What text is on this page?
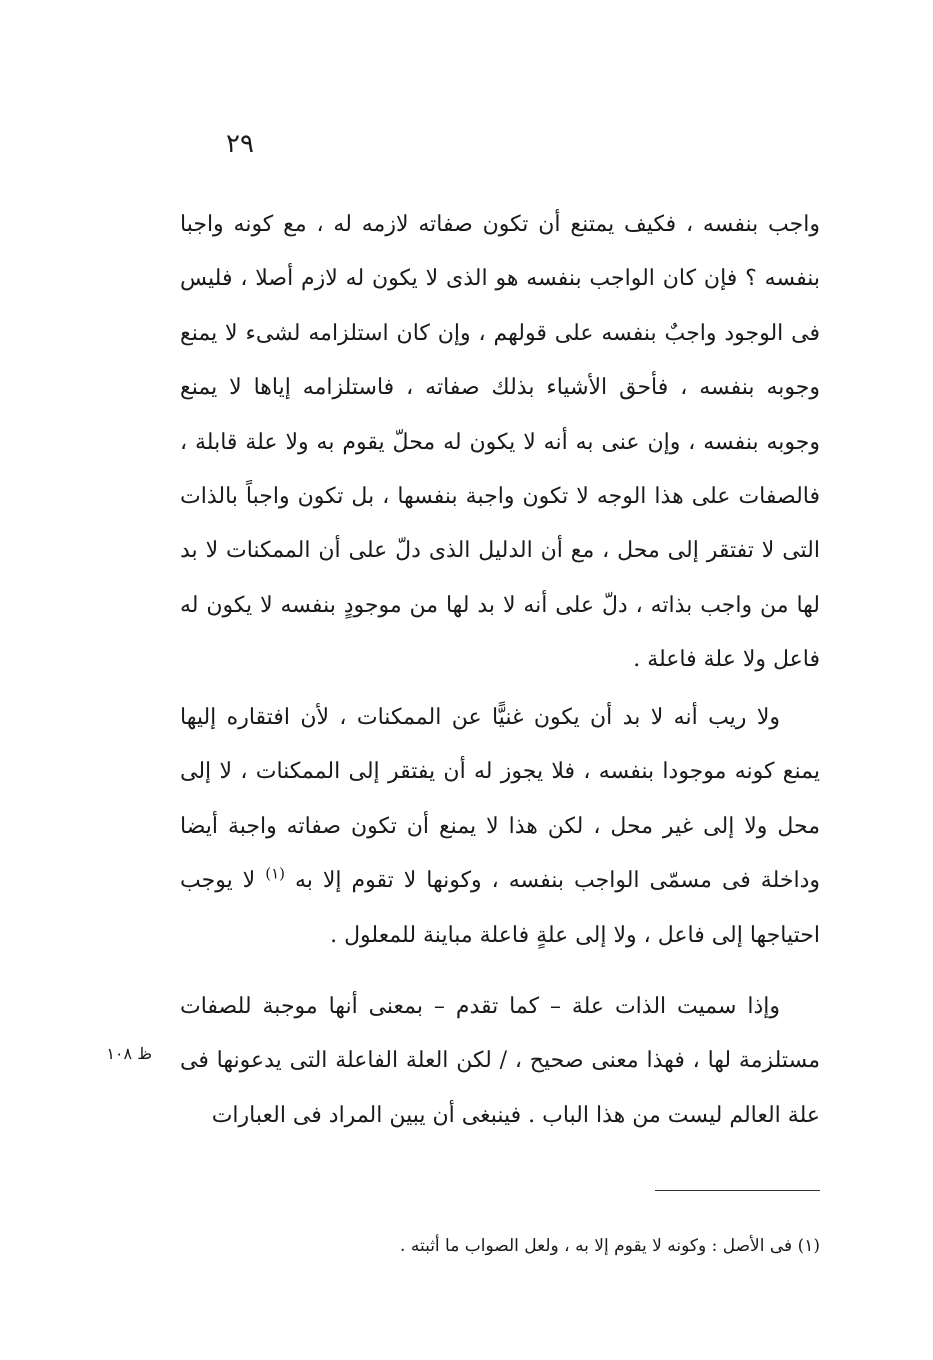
٢٩
واجب بنفسه ، فكيف يمتنع أن تكون صفاته لازمه له ، مع كونه واجبا بنفسه ؟ فإن كان الواجب بنفسه هو الذى لا يكون له لازم أصلا ، فليس فى الوجود واجبٌ بنفسه على قولهم ، وإن كان استلزامه لشىء لا يمنع وجوبه بنفسه ، فأحق الأشياء بذلك صفاته ، فاستلزامه إياها لا يمنع وجوبه بنفسه ، وإن عنى به أنه لا يكون له محلّ يقوم به ولا علة قابلة ، فالصفات على هذا الوجه لا تكون واجبة بنفسها ، بل تكون واجباً بالذات التى لا تفتقر إلى محل ، مع أن الدليل الذى دلّ على أن الممكنات لا بد لها من واجب بذاته ، دلّ على أنه لا بد لها من موجودٍ بنفسه لا يكون له فاعل ولا علة فاعلة .
ولا ريب أنه لا بد أن يكون غنيًّا عن الممكنات ، لأن افتقاره إليها يمنع كونه موجودا بنفسه ، فلا يجوز له أن يفتقر إلى الممكنات ، لا إلى محل ولا إلى غير محل ، لكن هذا لا يمنع أن تكون صفاته واجبة أيضا وداخلة فى مسمّى الواجب بنفسه ، وكونها لا تقوم إلا به $^{(١)}$ لا يوجب احتياجها إلى فاعل ، ولا إلى علةٍ فاعلة مباينة للمعلول .
وإذا سميت الذات علة – كما تقدم – بمعنى أنها موجبة للصفات مستلزمة لها ، فهذا معنى صحيح ، / لكن العلة الفاعلة التى يدعونها فى علة العالم ليست من هذا الباب . فينبغى أن يبين المراد فى العبارات
ظ ١٠٨
(١) فى الأصل : وكونه لا يقوم إلا به ، ولعل الصواب ما أثبته .
